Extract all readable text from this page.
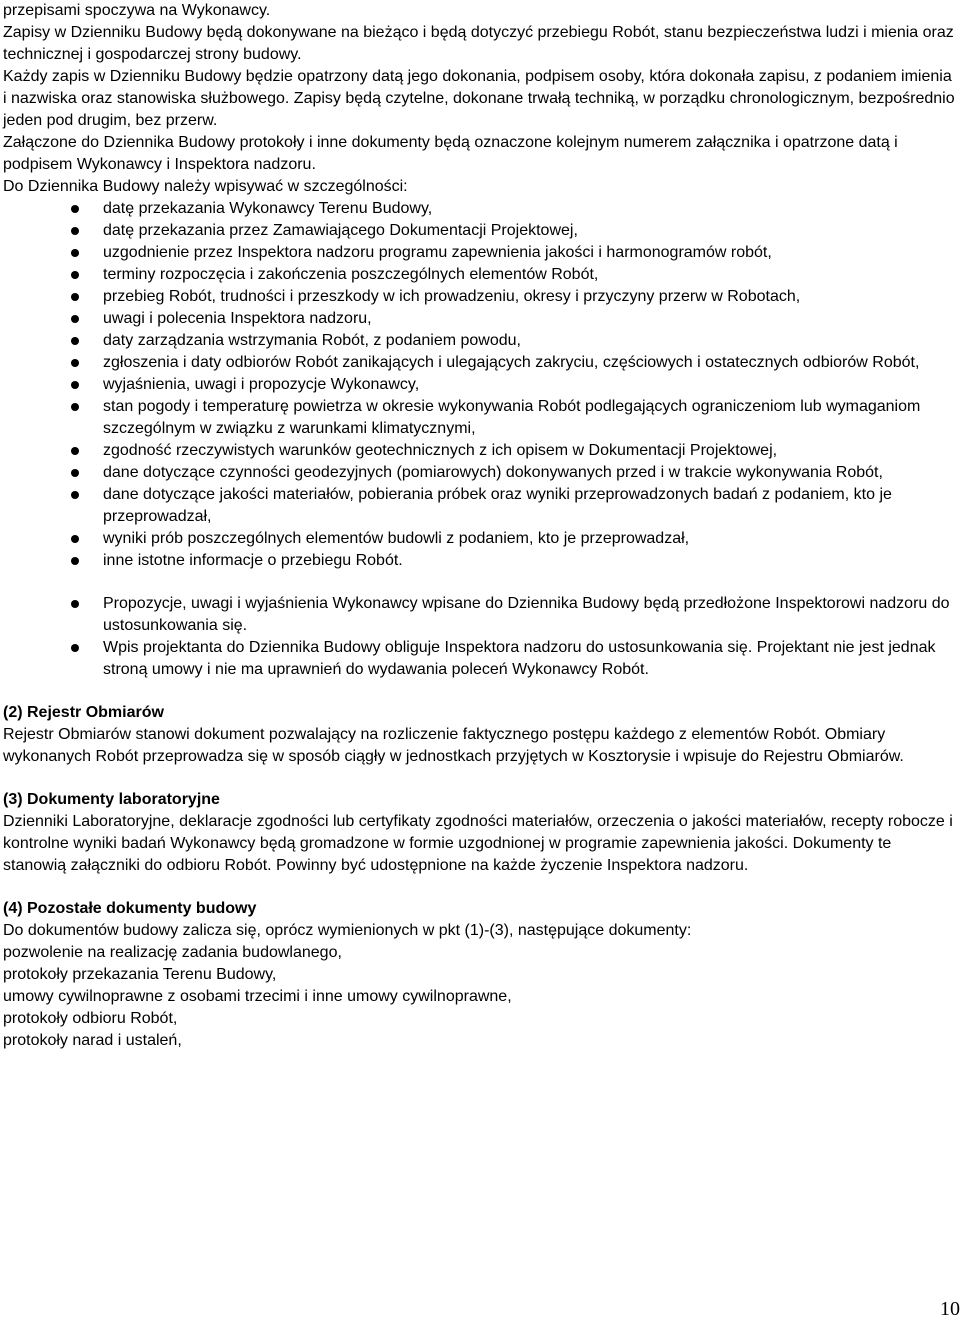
przepisami spoczywa na Wykonawcy.

Zapisy w Dzienniku Budowy będą dokonywane na bieżąco i będą dotyczyć przebiegu Robót, stanu bezpieczeństwa ludzi i mienia oraz technicznej i gospodarczej strony budowy.

Każdy zapis w Dzienniku Budowy będzie opatrzony datą jego dokonania, podpisem osoby, która dokonała zapisu, z podaniem imienia i nazwiska oraz stanowiska służbowego. Zapisy będą czytelne, dokonane trwałą techniką, w porządku chronologicznym, bezpośrednio jeden pod drugim, bez przerw.

Załączone do Dziennika Budowy protokoły i inne dokumenty będą oznaczone kolejnym numerem załącznika i opatrzone datą i podpisem Wykonawcy i Inspektora nadzoru.

Do Dziennika Budowy należy wpisywać w szczególności:

datę przekazania Wykonawcy Terenu Budowy,
datę przekazania przez Zamawiającego Dokumentacji Projektowej,
uzgodnienie przez Inspektora nadzoru programu zapewnienia jakości i harmonogramów robót,
terminy rozpoczęcia i zakończenia poszczególnych elementów Robót,
przebieg Robót, trudności i przeszkody w ich prowadzeniu, okresy i przyczyny przerw w Robotach,
uwagi i polecenia Inspektora nadzoru,
daty zarządzania wstrzymania Robót, z podaniem powodu,
zgłoszenia i daty odbiorów Robót zanikających i ulegających zakryciu, częściowych i ostatecznych odbiorów Robót,
wyjaśnienia, uwagi i propozycje Wykonawcy,
stan pogody i temperaturę powietrza w okresie wykonywania Robót podlegających ograniczeniom lub wymaganiom szczególnym w związku z warunkami klimatycznymi,
zgodność rzeczywistych warunków geotechnicznych z ich opisem w Dokumentacji Projektowej,
dane dotyczące czynności geodezyjnych (pomiarowych) dokonywanych przed i w trakcie wykonywania Robót,
dane dotyczące jakości materiałów, pobierania próbek oraz wyniki przeprowadzonych badań z podaniem, kto je przeprowadzał,
wyniki prób poszczególnych elementów budowli z podaniem, kto je przeprowadzał,
inne istotne informacje o przebiegu Robót.
Propozycje, uwagi i wyjaśnienia Wykonawcy wpisane do Dziennika Budowy będą przedłożone Inspektorowi nadzoru do ustosunkowania się.
Wpis projektanta do Dziennika Budowy obliguje Inspektora nadzoru do ustosunkowania się. Projektant nie jest jednak stroną umowy i nie ma uprawnień do wydawania poleceń Wykonawcy Robót.

(2) Rejestr Obmiarów

Rejestr Obmiarów stanowi dokument pozwalający na rozliczenie faktycznego postępu każdego z elementów Robót. Obmiary wykonanych Robót przeprowadza się w sposób ciągły w jednostkach przyjętych w Kosztorysie i wpisuje do Rejestru Obmiarów.

(3) Dokumenty laboratoryjne

Dzienniki Laboratoryjne, deklaracje zgodności lub certyfikaty zgodności materiałów, orzeczenia o jakości materiałów, recepty robocze i kontrolne wyniki badań Wykonawcy będą gromadzone w formie uzgodnionej w programie zapewnienia jakości. Dokumenty te stanowią załączniki do odbioru Robót. Powinny być udostępnione na każde życzenie Inspektora nadzoru.

(4) Pozostałe dokumenty budowy

Do dokumentów budowy zalicza się, oprócz wymienionych w pkt (1)-(3), następujące dokumenty:

pozwolenie na realizację zadania budowlanego,

protokoły przekazania Terenu Budowy,

umowy cywilnoprawne z osobami trzecimi i inne umowy cywilnoprawne,

protokoły odbioru Robót,

protokoły narad i ustaleń,

10
